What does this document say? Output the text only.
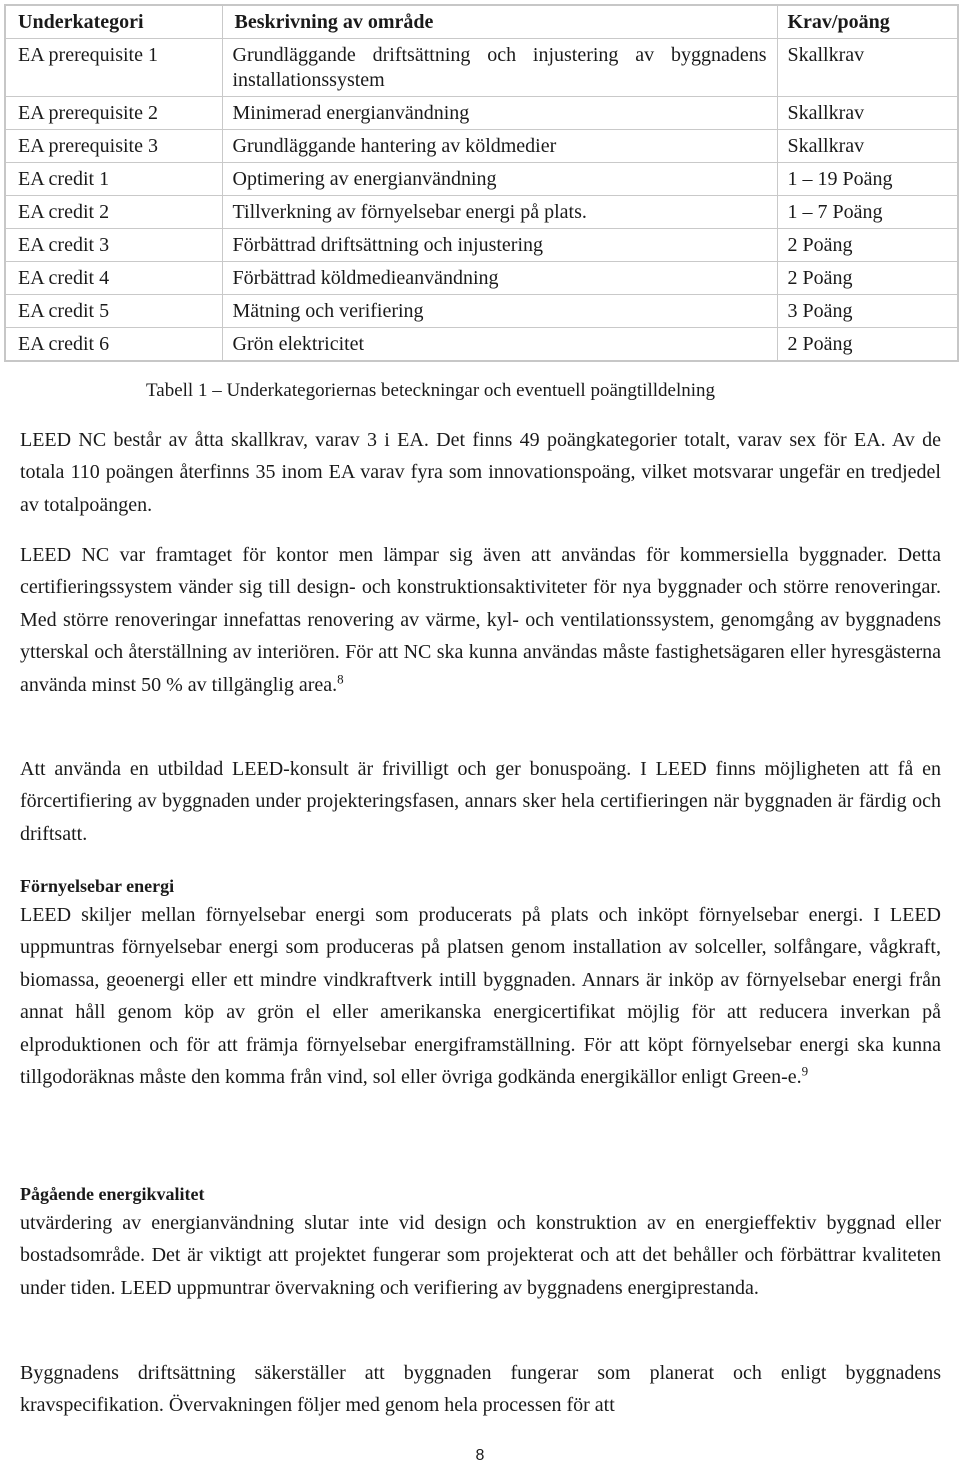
Underkategori	Beskrivning av område	Krav/poäng
EA prerequisite 1	Grundläggande driftsättning och injustering av byggnadens installationssystem	Skallkrav
EA prerequisite 2	Minimerad energianvändning	Skallkrav
EA prerequisite 3	Grundläggande hantering av köldmedier	Skallkrav
EA credit 1	Optimering av energianvändning	1 – 19 Poäng
EA credit 2	Tillverkning av förnyelsebar energi på plats.	1 – 7 Poäng
EA credit 3	Förbättrad driftsättning och injustering	2 Poäng
EA credit 4	Förbättrad köldmedieanvändning	2 Poäng
EA credit 5	Mätning och verifiering	3 Poäng
EA credit 6	Grön elektricitet	2 Poäng
Tabell 1 – Underkategoriernas beteckningar och eventuell poängtilldelning

LEED NC består av åtta skallkrav, varav 3 i EA. Det finns 49 poängkategorier totalt, varav sex för EA. Av de totala 110 poängen återfinns 35 inom EA varav fyra som innovationspoäng, vilket motsvarar ungefär en tredjedel av totalpoängen.

LEED NC var framtaget för kontor men lämpar sig även att användas för kommersiella byggnader. Detta certifieringssystem vänder sig till design- och konstruktionsaktiviteter för nya byggnader och större renoveringar. Med större renoveringar innefattas renovering av värme, kyl- och ventilationssystem, genomgång av byggnadens ytterskal och återställning av interiören. För att NC ska kunna användas måste fastighetsägaren eller hyresgästerna använda minst 50 % av tillgänglig area.$^8$

Att använda en utbildad LEED-konsult är frivilligt och ger bonuspoäng. I LEED finns möjligheten att få en förcertifiering av byggnaden under projekteringsfasen, annars sker hela certifieringen när byggnaden är färdig och driftsatt.

Förnyelsebar energi

LEED skiljer mellan förnyelsebar energi som producerats på plats och inköpt förnyelsebar energi. I LEED uppmuntras förnyelsebar energi som produceras på platsen genom installation av solceller, solfångare, vågkraft, biomassa, geoenergi eller ett mindre vindkraftverk intill byggnaden. Annars är inköp av förnyelsebar energi från annat håll genom köp av grön el eller amerikanska energicertifikat möjlig för att reducera inverkan på elproduktionen och för att främja förnyelsebar energiframställning. För att köpt förnyelsebar energi ska kunna tillgodoräknas måste den komma från vind, sol eller övriga godkända energikällor enligt Green-e.$^9$

Pågående energikvalitet

utvärdering av energianvändning slutar inte vid design och konstruktion av en energieffektiv byggnad eller bostadsområde. Det är viktigt att projektet fungerar som projekterat och att det behåller och förbättrar kvaliteten under tiden. LEED uppmuntrar övervakning och verifiering av byggnadens energiprestanda.

Byggnadens driftsättning säkerställer att byggnaden fungerar som planerat och enligt byggnadens kravspecifikation. Övervakningen följer med genom hela processen för att

8
